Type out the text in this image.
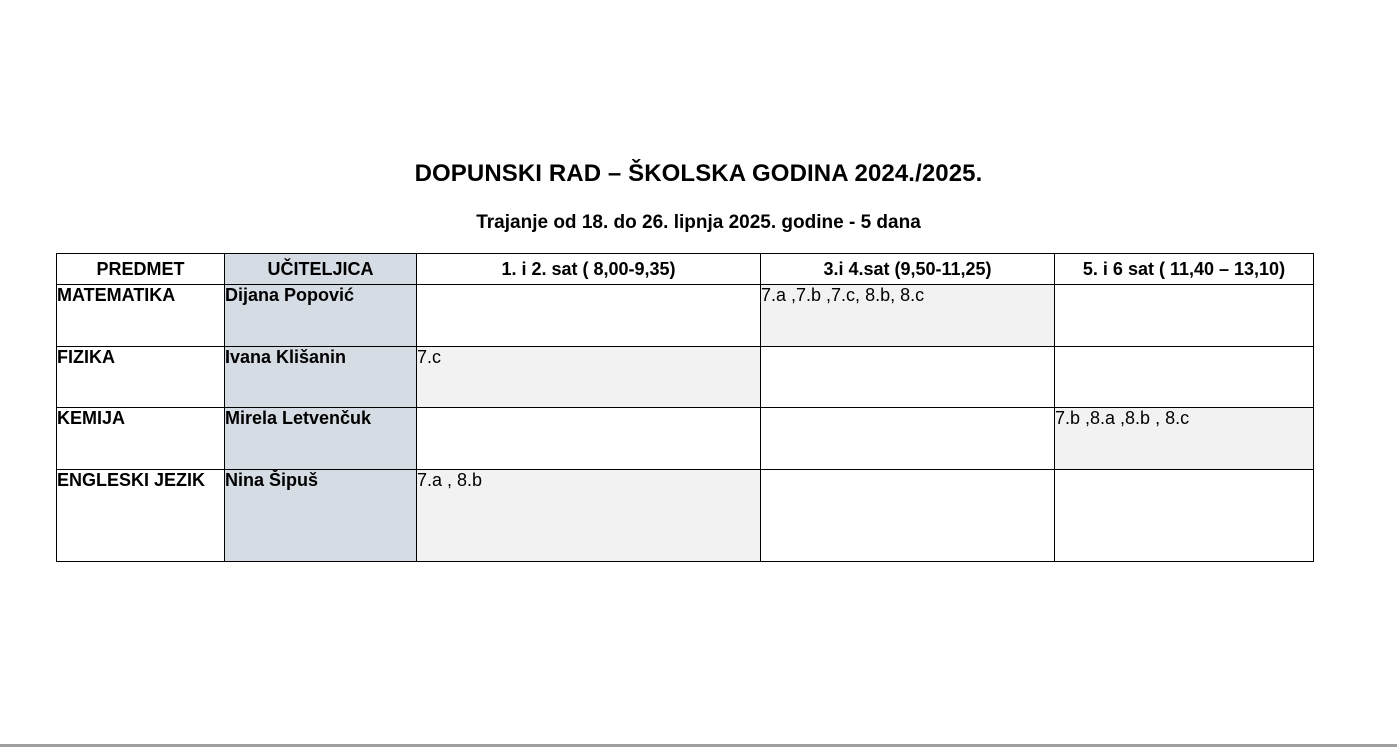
DOPUNSKI RAD – ŠKOLSKA GODINA 2024./2025.
Trajanje od 18. do 26. lipnja 2025. godine - 5 dana
PREDMET	UČITELJICA	1. i 2. sat ( 8,00-9,35)	3.i 4.sat (9,50-11,25)	5. i 6 sat ( 11,40 – 13,10)
MATEMATIKA	Dijana Popović		7.a ,7.b ,7.c, 8.b, 8.c	
FIZIKA	Ivana Klišanin	7.c		
KEMIJA	Mirela Letvenčuk			7.b ,8.a ,8.b , 8.c
ENGLESKI JEZIK	Nina Šipuš	7.a , 8.b		
